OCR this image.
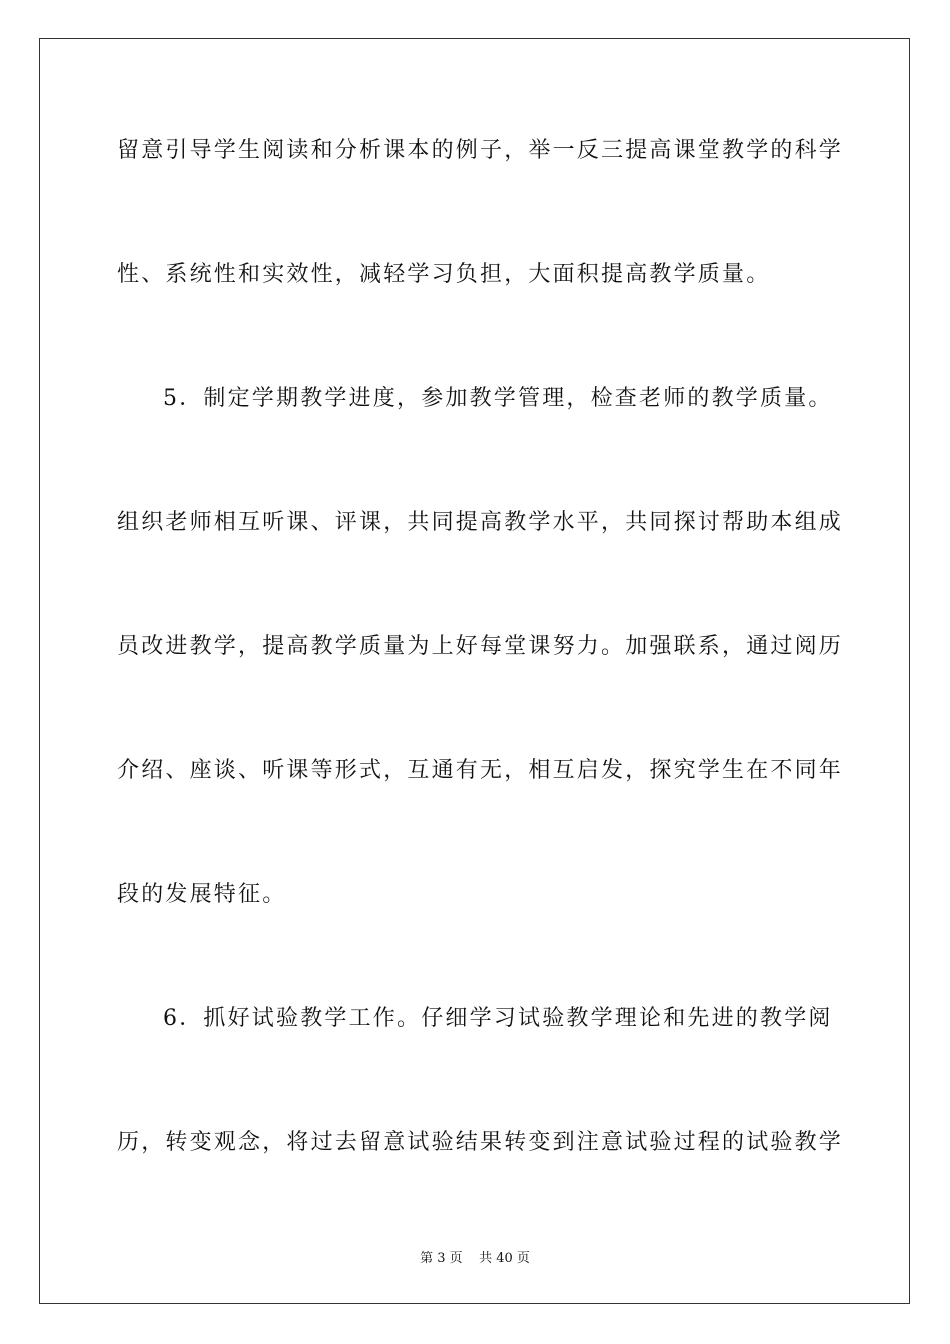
留意引导学生阅读和分析课本的例子，举一反三提高课堂教学的科学
性、系统性和实效性，减轻学习负担，大面积提高教学质量。
5．制定学期教学进度，参加教学管理，检查老师的教学质量。
组织老师相互听课、评课，共同提高教学水平，共同探讨帮助本组成
员改进教学，提高教学质量为上好每堂课努力。加强联系，通过阅历
介绍、座谈、听课等形式，互通有无，相互启发，探究学生在不同年
段的发展特征。
6．抓好试验教学工作。仔细学习试验教学理论和先进的教学阅
历，转变观念，将过去留意试验结果转变到注意试验过程的试验教学
第 3 页    共 40 页
